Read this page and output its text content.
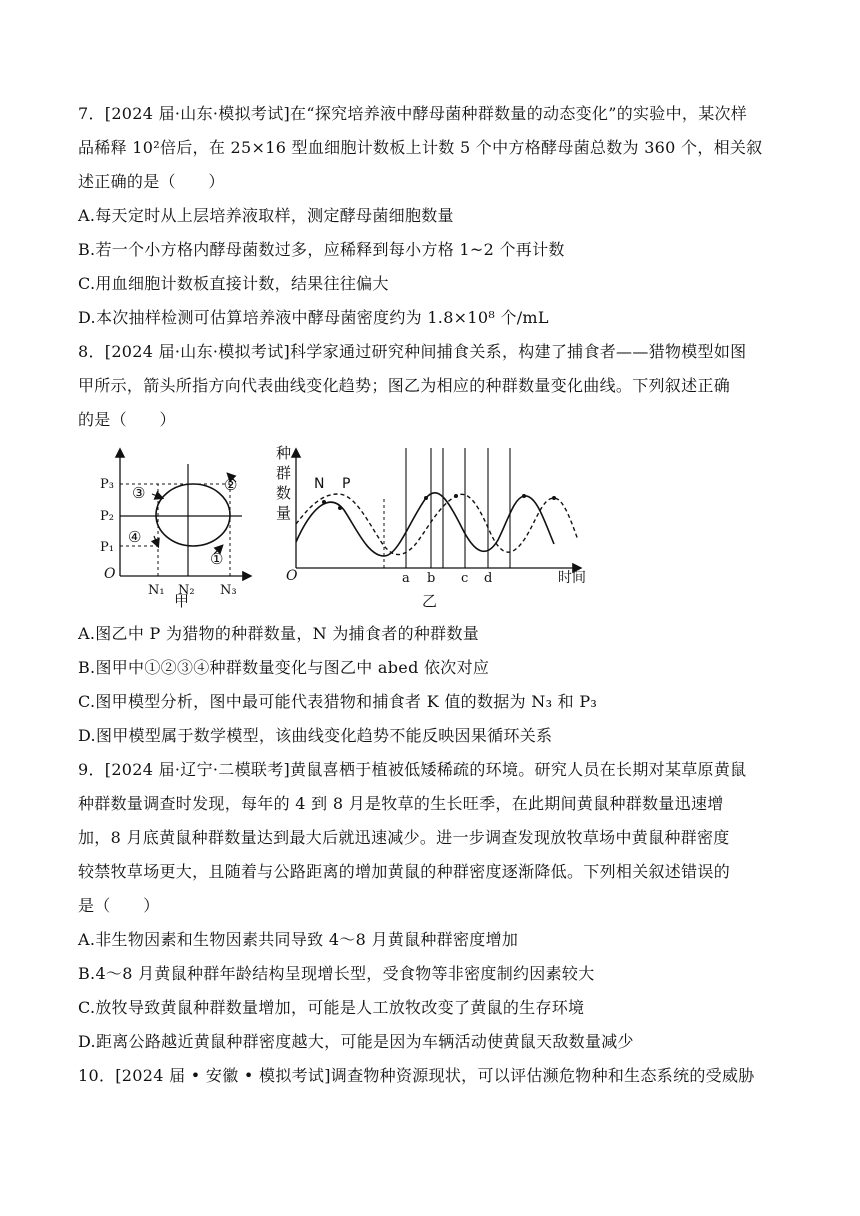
7．[2024 届·山东·模拟考试]在“探究培养液中酵母菌种群数量的动态变化”的实验中，某次样
品稀释 10²倍后，在 25×16 型血细胞计数板上计数 5 个中方格酵母菌总数为 360 个，相关叙
述正确的是（　　）
A.每天定时从上层培养液取样，测定酵母菌细胞数量
B.若一个小方格内酵母菌数过多，应稀释到每小方格 1~2 个再计数
C.用血细胞计数板直接计数，结果往往偏大
D.本次抽样检测可估算培养液中酵母菌密度约为 1.8×10⁸ 个/mL
8．[2024 届·山东·模拟考试]科学家通过研究种间捕食关系，构建了捕食者——猎物模型如图
甲所示，箭头所指方向代表曲线变化趋势；图乙为相应的种群数量变化曲线。下列叙述正确
的是（　　）
P₃
P₂
P₁
O
N₁ N₂ N₃
①
②
③
④
甲
种
群
数
量
N P
O	a b c d	时间
乙
A.图乙中 P 为猎物的种群数量，N 为捕食者的种群数量
B.图甲中①②③④种群数量变化与图乙中 abed 依次对应
C.图甲模型分析，图中最可能代表猎物和捕食者 K 值的数据为 N₃ 和 P₃
D.图甲模型属于数学模型，该曲线变化趋势不能反映因果循环关系
9．[2024 届·辽宁·二模联考]黄鼠喜栖于植被低矮稀疏的环境。研究人员在长期对某草原黄鼠
种群数量调查时发现，每年的 4 到 8 月是牧草的生长旺季，在此期间黄鼠种群数量迅速增
加，8 月底黄鼠种群数量达到最大后就迅速减少。进一步调查发现放牧草场中黄鼠种群密度
较禁牧草场更大，且随着与公路距离的增加黄鼠的种群密度逐渐降低。下列相关叙述错误的
是（　　）
A.非生物因素和生物因素共同导致 4～8 月黄鼠种群密度增加
B.4～8 月黄鼠种群年龄结构呈现增长型，受食物等非密度制约因素较大
C.放牧导致黄鼠种群数量增加，可能是人工放牧改变了黄鼠的生存环境
D.距离公路越近黄鼠种群密度越大，可能是因为车辆活动使黄鼠天敌数量减少
10．[2024 届 • 安徽 • 模拟考试]调查物种资源现状，可以评估濒危物种和生态系统的受威胁
